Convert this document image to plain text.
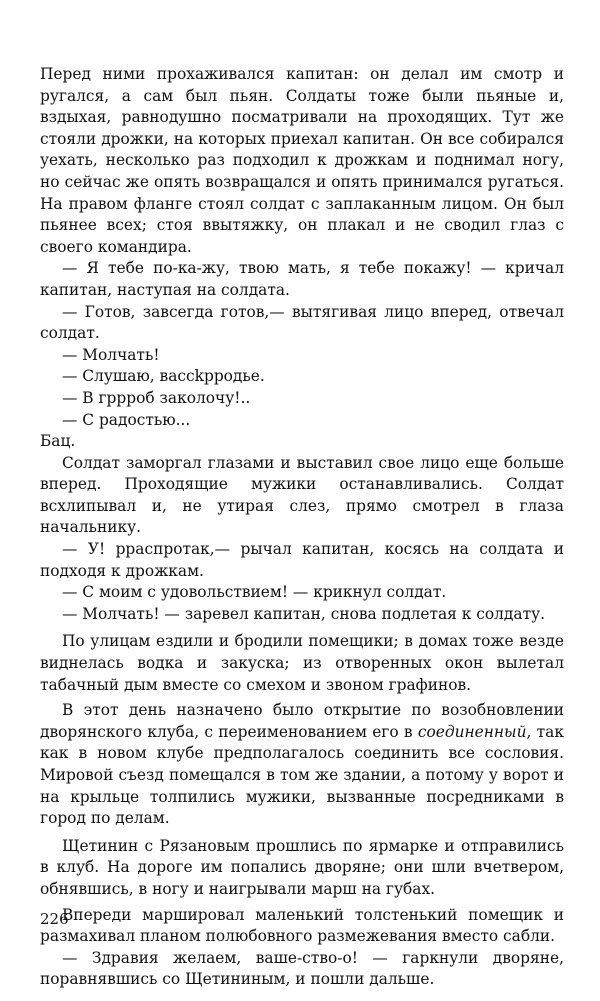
Перед ними прохаживался капитан: он делал им смотр и ругался, а сам был пьян. Солдаты тоже были пьяные и, вздыхая, равнодушно посматривали на проходящих. Тут же стояли дрожки, на которых приехал капитан. Он все собирался уехать, несколько раз подходил к дрожкам и поднимал ногу, но сейчас же опять возвращался и опять принимался ругаться. На правом фланге стоял солдат с заплаканным лицом. Он был пьянее всех; стоя ввытяжку, он плакал и не сводил глаз с своего командира.

— Я тебе по-ка-жу, твою мать, я тебе покажу! — кричал капитан, наступая на солдата.

— Готов, завсегда готов,— вытягивая лицо вперед, отвечал солдат.

— Молчать!

— Слушаю, вассkрродье.

— В гррроб заколочу!..

— С радостью...

Бац.

Солдат заморгал глазами и выставил свое лицо еще больше вперед. Проходящие мужики останавливались. Солдат всхлипывал и, не утирая слез, прямо смотрел в глаза начальнику.

— У! ррaспротак,— рычал капитан, косясь на солдата и подходя к дрожкам.

— С моим с удовольствием! — крикнул солдат.

— Молчать! — заревел капитан, снова подлетая к солдату.

По улицам ездили и бродили помещики; в домах тоже везде виднелась водка и закуска; из отворенных окон вылетал табачный дым вместе со смехом и звоном графинов.

В этот день назначено было открытие по возобновлении дворянского клуба, с переименованием его в соединенный, так как в новом клубе предполагалось соединить все сословия. Мировой съезд помещался в том же здании, а потому у ворот и на крыльце толпились мужики, вызванные посредниками в город по делам.

Щетинин с Рязановым прошлись по ярмарке и отправились в клуб. На дороге им попались дворяне; они шли вчетвером, обнявшись, в ногу и наигрывали марш на губах.

Впереди маршировал маленький толстенький помещик и размахивал планом полюбовного размежевания вместо сабли.

— Здравия желаем, ваше-ство-о! — гаркнули дворяне, поравнявшись со Щетининым, и пошли дальше.

226
